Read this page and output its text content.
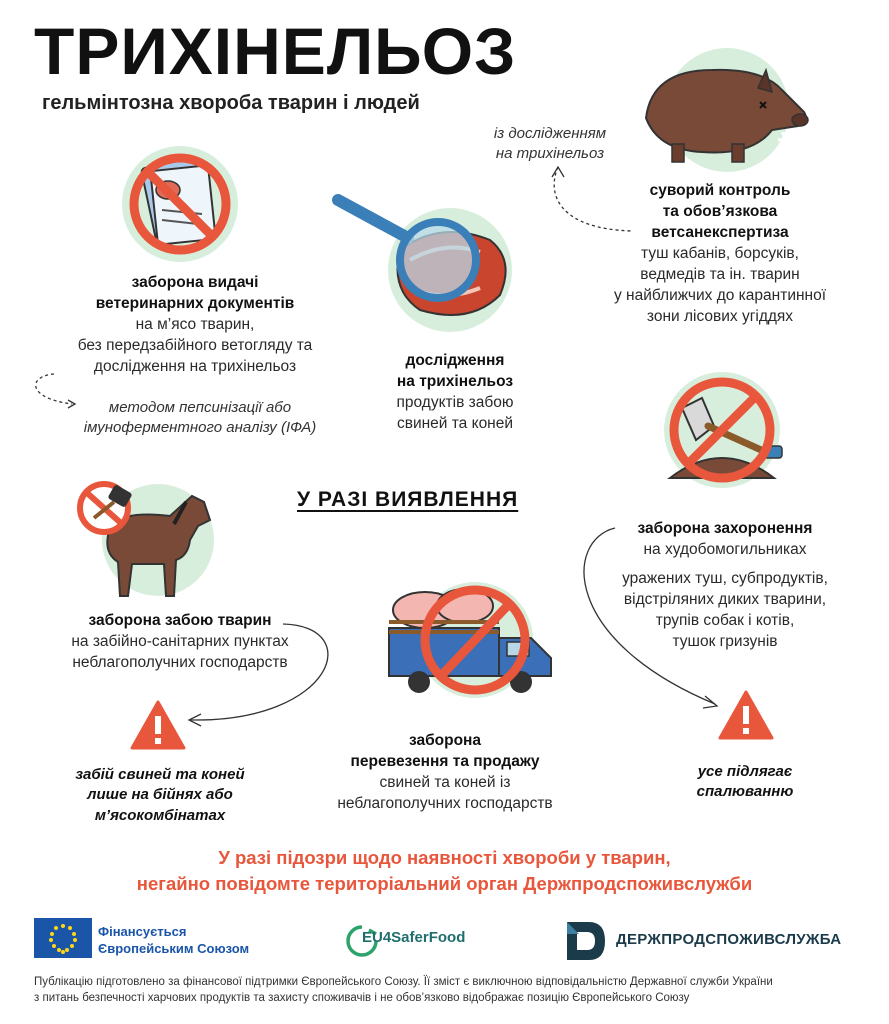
ТРИХІНЕЛЬОЗ
гельмінтозна хвороба тварин і людей
заборона видачі
ветеринарних документів
на м’ясо тварин,
без передзабійного ветогляду та
дослідження на трихінельоз
методом пепсинізації або
імуноферментного аналізу (ІФА)
дослідження
на трихінельоз
продуктів забою
свиней та коней
із дослідженням
на трихінельоз
суворий контроль
та обов’язкова
ветсанекспертиза
туш кабанів, борсуків,
ведмедів та ін. тварин
у найближчих до карантинної
зони лісових угіддях
У РАЗІ ВИЯВЛЕННЯ
заборона захоронення
на худобомогильниках
уражених туш, субпродуктів,
відстріляних диких тварини,
трупів собак і котів,
тушок гризунів
заборона забою тварин
на забійно-санітарних пунктах
неблагополучних господарств
заборона
перевезення та продажу
свиней та коней із
неблагополучних господарств
забій свиней та коней
лише на бійнях або
м’ясокомбінатах
усе підлягає
спалюванню
У разі підозри щодо наявності хвороби у тварин,
негайно повідомте територіальний орган Держпродспоживслужби
Фінансується
Європейським Союзом
EU4SaferFood	ДЕРЖПРОДСПОЖИВСЛУЖБА
Публікацію підготовлено за фінансової підтримки Європейського Союзу. Її зміст є виключною відповідальністю Державної служби України
з питань безпечності харчових продуктів та захисту споживачів і не обов’язково відображає позицію Європейського Союзу
